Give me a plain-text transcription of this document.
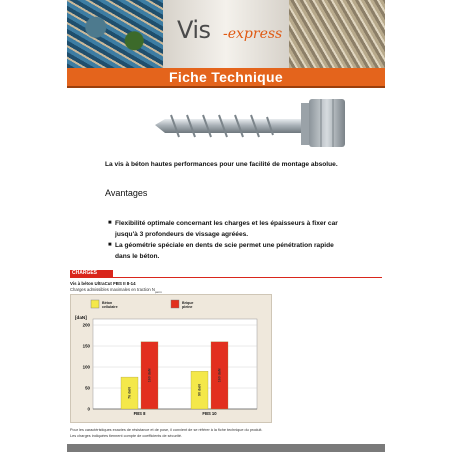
Vis -express
Fiche Technique
La vis à béton hautes performances pour une facilité de montage absolue.
Avantages
■ Flexibilité optimale concernant les charges et les épaisseurs à fixer car
jusqu'à 3 profondeurs de vissage agréées.
■ La géométrie spéciale en dents de scie permet une pénétration rapide
dans le béton.
CHARGES
Vis à béton UltraCut FBS II 8-14
Charges admissibles maximales en traction $N_{perm}$
Béton
cellulaire
Brique
pleine
[daN]
0
50
100
150
200
76 daN
160 daN
FBS 8
90 daN
160 daN
FBS 10
Pour les caractéristiques exactes de résistance et de pose, il convient de se référer à la fiche technique du produit.
Les charges indiquées tiennent compte de coefficients de sécurité.
